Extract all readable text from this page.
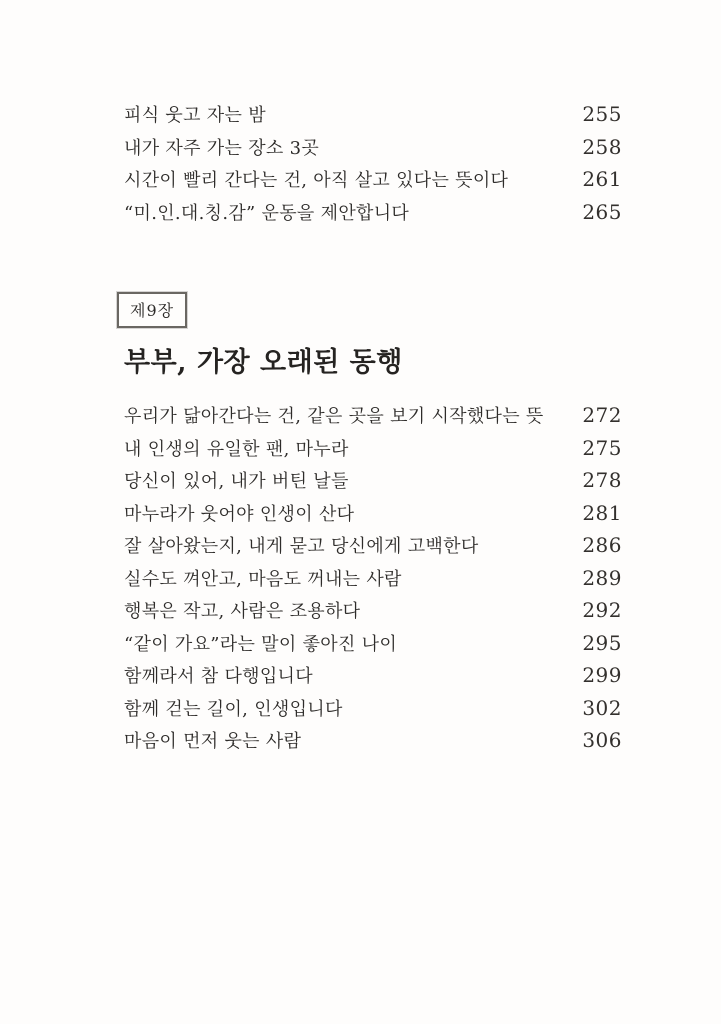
피식 웃고 자는 밤	255
내가 자주 가는 장소 3곳	258
시간이 빨리 간다는 건, 아직 살고 있다는 뜻이다	261
“미.인.대.칭.감” 운동을 제안합니다	265
제9장
부부, 가장 오래된 동행
우리가 닮아간다는 건, 같은 곳을 보기 시작했다는 뜻 272
내 인생의 유일한 팬, 마누라	275
당신이 있어, 내가 버틴 날들	278
마누라가 웃어야 인생이 산다	281
잘 살아왔는지, 내게 묻고 당신에게 고백한다	286
실수도 껴안고, 마음도 꺼내는 사람	289
행복은 작고, 사람은 조용하다	292
“같이 가요”라는 말이 좋아진 나이	295
함께라서 참 다행입니다	299
함께 걷는 길이, 인생입니다	302
마음이 먼저 웃는 사람	306
